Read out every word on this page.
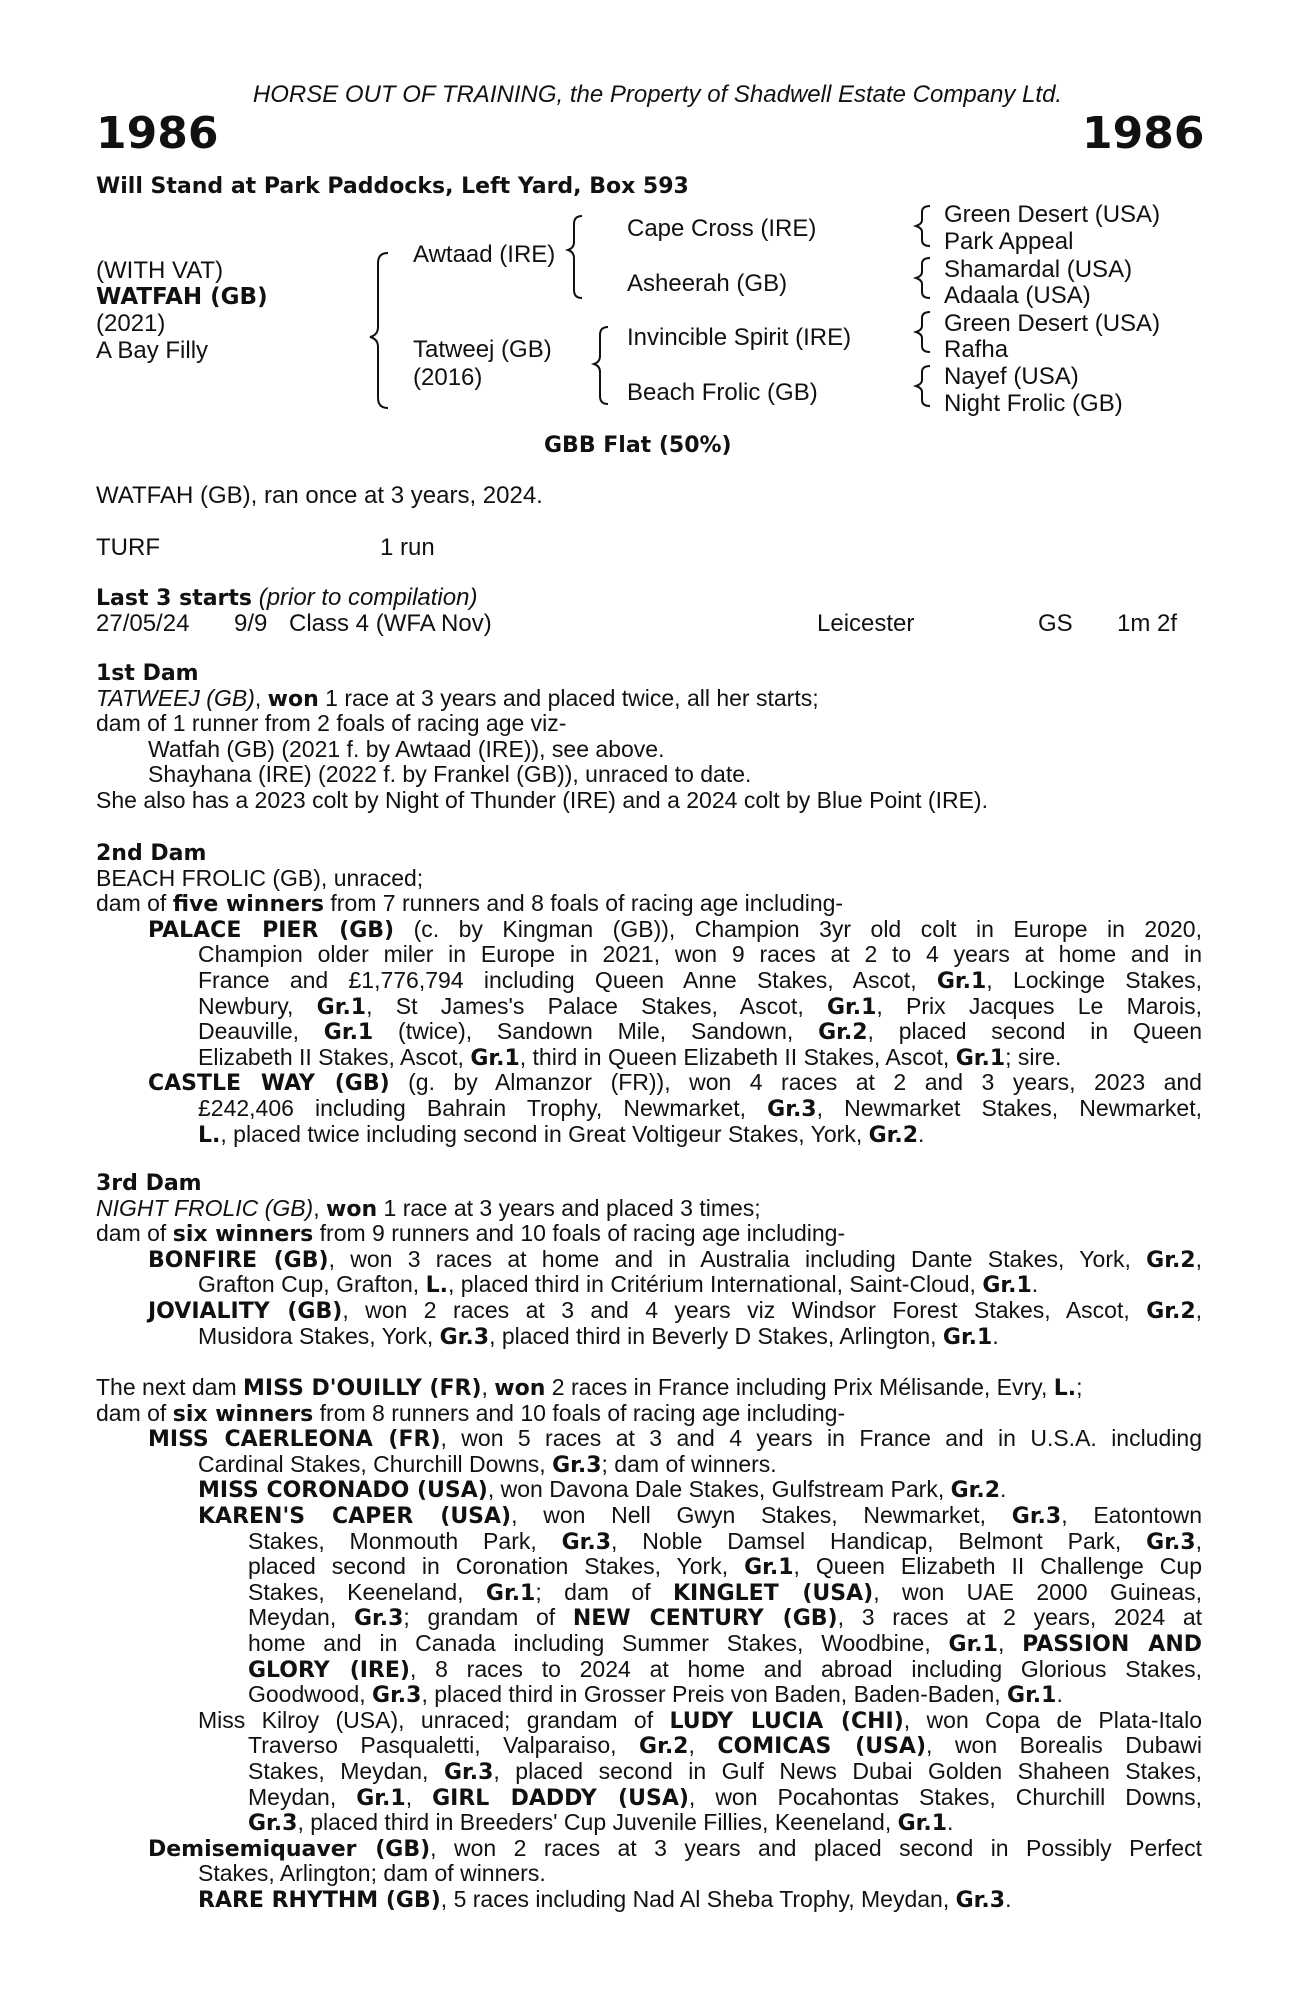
HORSE OUT OF TRAINING, the Property of Shadwell Estate Company Ltd.
1986	1986
Will Stand at Park Paddocks, Left Yard, Box 593
(WITH VAT)
WATFAH (GB)
(2021)
A Bay Filly
Awtaad (IRE)
Tatweej (GB)
(2016)
Cape Cross (IRE)
Asheerah (GB)
Invincible Spirit (IRE)
Beach Frolic (GB)
Green Desert (USA)
Park Appeal
Shamardal (USA)
Adaala (USA)
Green Desert (USA)
Rafha
Nayef (USA)
Night Frolic (GB)
GBB Flat (50%)
WATFAH (GB), ran once at 3 years, 2024.
TURF	1 run
Last 3 starts (prior to compilation)
27/05/24 9/9 Class 4 (WFA Nov)	Leicester	GS 1m 2f
1st Dam
TATWEEJ (GB), won 1 race at 3 years and placed twice, all her starts;
dam of 1 runner from 2 foals of racing age viz-
Watfah (GB) (2021 f. by Awtaad (IRE)), see above.
Shayhana (IRE) (2022 f. by Frankel (GB)), unraced to date.
She also has a 2023 colt by Night of Thunder (IRE) and a 2024 colt by Blue Point (IRE).
2nd Dam
BEACH FROLIC (GB), unraced;
dam of five winners from 7 runners and 8 foals of racing age including-
PALACE PIER (GB) (c. by Kingman (GB)), Champion 3yr old colt in Europe in 2020,
Champion older miler in Europe in 2021, won 9 races at 2 to 4 years at home and in
France and £1,776,794 including Queen Anne Stakes, Ascot, Gr.1, Lockinge Stakes,
Newbury, Gr.1, St James's Palace Stakes, Ascot, Gr.1, Prix Jacques Le Marois,
Deauville, Gr.1 (twice), Sandown Mile, Sandown, Gr.2, placed second in Queen
Elizabeth II Stakes, Ascot, Gr.1, third in Queen Elizabeth II Stakes, Ascot, Gr.1; sire.
CASTLE WAY (GB) (g. by Almanzor (FR)), won 4 races at 2 and 3 years, 2023 and
£242,406 including Bahrain Trophy, Newmarket, Gr.3, Newmarket Stakes, Newmarket,
L., placed twice including second in Great Voltigeur Stakes, York, Gr.2.
3rd Dam
NIGHT FROLIC (GB), won 1 race at 3 years and placed 3 times;
dam of six winners from 9 runners and 10 foals of racing age including-
BONFIRE (GB), won 3 races at home and in Australia including Dante Stakes, York, Gr.2,
Grafton Cup, Grafton, L., placed third in Critérium International, Saint-Cloud, Gr.1.
JOVIALITY (GB), won 2 races at 3 and 4 years viz Windsor Forest Stakes, Ascot, Gr.2,
Musidora Stakes, York, Gr.3, placed third in Beverly D Stakes, Arlington, Gr.1.
The next dam MISS D'OUILLY (FR), won 2 races in France including Prix Mélisande, Evry, L.;
dam of six winners from 8 runners and 10 foals of racing age including-
MISS CAERLEONA (FR), won 5 races at 3 and 4 years in France and in U.S.A. including
Cardinal Stakes, Churchill Downs, Gr.3; dam of winners.
MISS CORONADO (USA), won Davona Dale Stakes, Gulfstream Park, Gr.2.
KAREN'S CAPER (USA), won Nell Gwyn Stakes, Newmarket, Gr.3, Eatontown
Stakes, Monmouth Park, Gr.3, Noble Damsel Handicap, Belmont Park, Gr.3,
placed second in Coronation Stakes, York, Gr.1, Queen Elizabeth II Challenge Cup
Stakes, Keeneland, Gr.1; dam of KINGLET (USA), won UAE 2000 Guineas,
Meydan, Gr.3; grandam of NEW CENTURY (GB), 3 races at 2 years, 2024 at
home and in Canada including Summer Stakes, Woodbine, Gr.1, PASSION AND
GLORY (IRE), 8 races to 2024 at home and abroad including Glorious Stakes,
Goodwood, Gr.3, placed third in Grosser Preis von Baden, Baden-Baden, Gr.1.
Miss Kilroy (USA), unraced; grandam of LUDY LUCIA (CHI), won Copa de Plata-Italo
Traverso Pasqualetti, Valparaiso, Gr.2, COMICAS (USA), won Borealis Dubawi
Stakes, Meydan, Gr.3, placed second in Gulf News Dubai Golden Shaheen Stakes,
Meydan, Gr.1, GIRL DADDY (USA), won Pocahontas Stakes, Churchill Downs,
Gr.3, placed third in Breeders' Cup Juvenile Fillies, Keeneland, Gr.1.
Demisemiquaver (GB), won 2 races at 3 years and placed second in Possibly Perfect
Stakes, Arlington; dam of winners.
RARE RHYTHM (GB), 5 races including Nad Al Sheba Trophy, Meydan, Gr.3.
